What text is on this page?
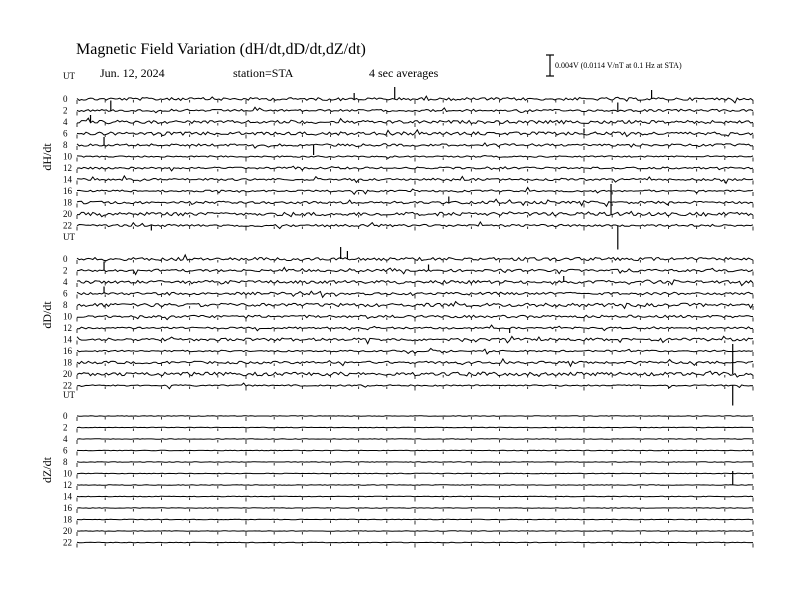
Magnetic Field Variation (dH/dt,dD/dt,dZ/dt)
Jun. 12, 2024	station=STA	4 sec averages
0.004V (0.0114 V/nT at 0.1 Hz at STA)
UT
dH/dt
0
2
4
6
8
10
12
14
16
18
20
22
UT
dD/dt
0
2
4
6
8
10
12
14
16
18
20
22
UT
dZ/dt
0
2
4
6
8
10
12
14
16
18
20
22
